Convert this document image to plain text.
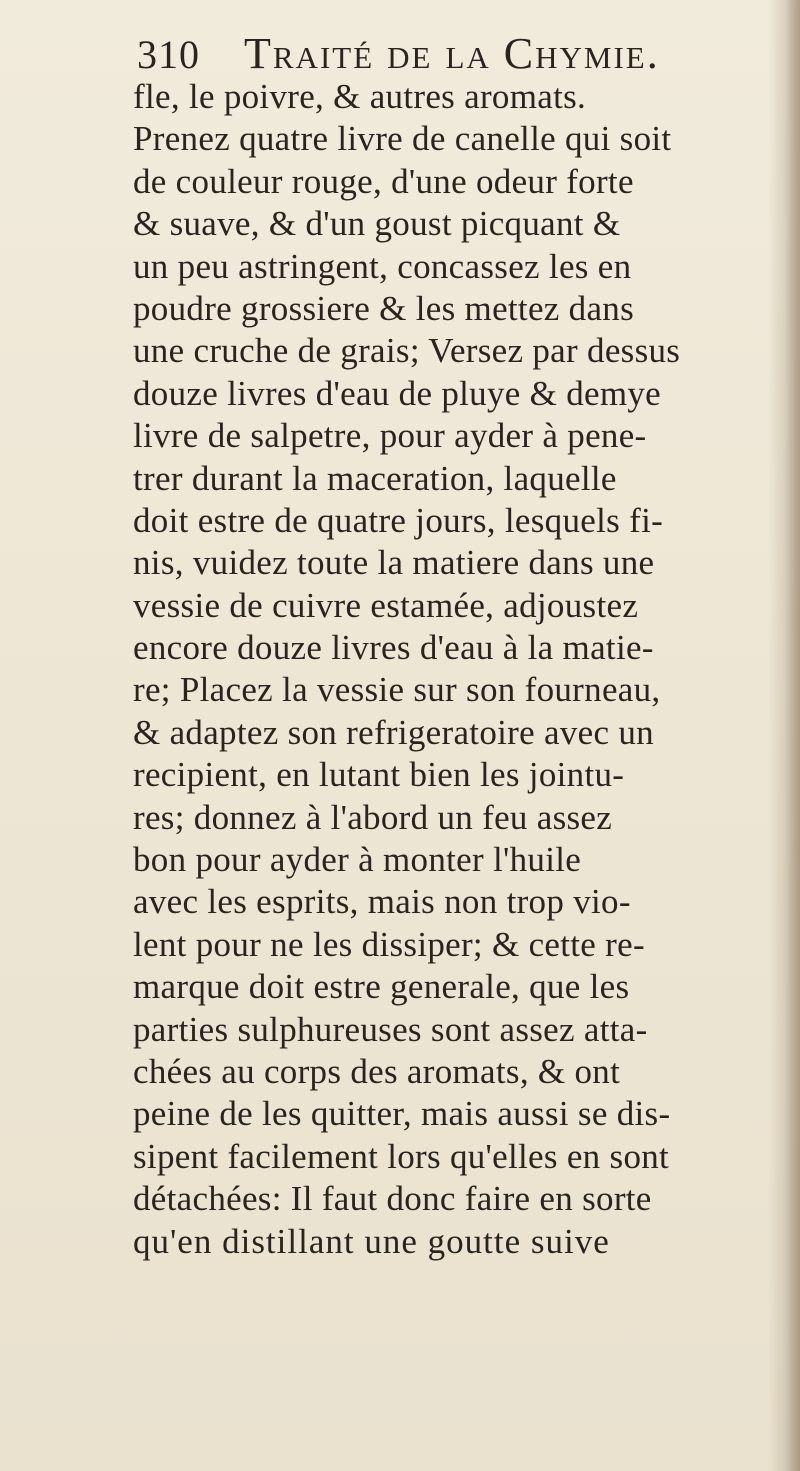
310 Traité de la Chymie.
fle, le poivre, & autres aromats.
Prenez quatre livre de canelle qui soit
de couleur rouge, d'une odeur forte
& suave, & d'un goust picquant &
un peu astringent, concassez les en
poudre grossiere & les mettez dans
une cruche de grais; Versez par dessus
douze livres d'eau de pluye & demye
livre de salpetre, pour ayder à pene-
trer durant la maceration, laquelle
doit estre de quatre jours, lesquels fi-
nis, vuidez toute la matiere dans une
vessie de cuivre estamée, adjoustez
encore douze livres d'eau à la matie-
re; Placez la vessie sur son fourneau,
& adaptez son refrigeratoire avec un
recipient, en lutant bien les jointu-
res; donnez à l'abord un feu assez
bon pour ayder à monter l'huile
avec les esprits, mais non trop vio-
lent pour ne les dissiper; & cette re-
marque doit estre generale, que les
parties sulphureuses sont assez atta-
chées au corps des aromats, & ont
peine de les quitter, mais aussi se dis-
sipent facilement lors qu'elles en sont
détachées: Il faut donc faire en sorte
qu'en distillant une goutte suive
